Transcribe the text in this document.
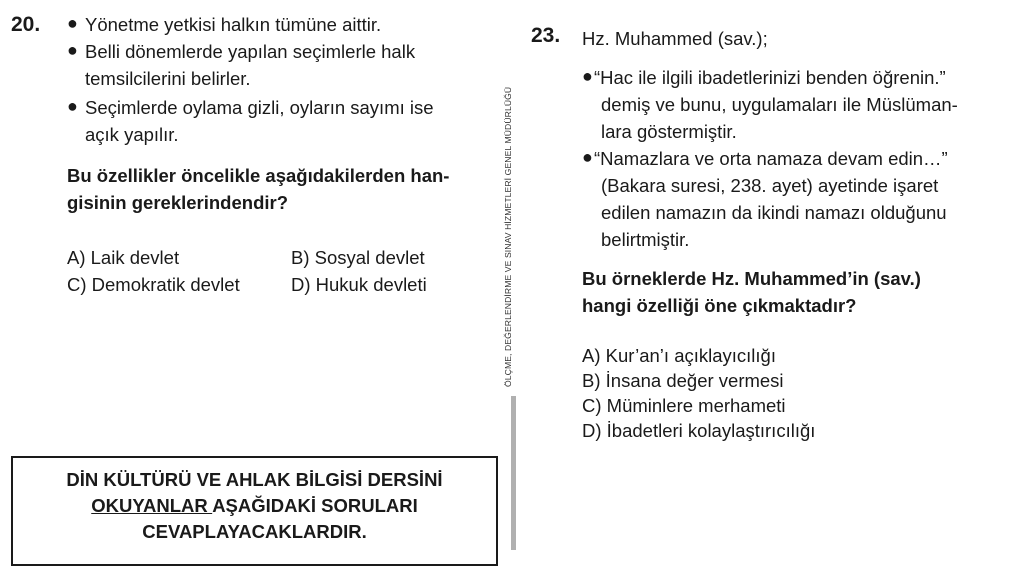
20. ● Yönetme yetkisi halkın tümüne aittir.
● Belli dönemlerde yapılan seçimlerle halk
temsilcilerini belirler.
● Seçimlerde oylama gizli, oyların sayımı ise
açık yapılır.
Bu özellikler öncelikle aşağıdakilerden han-
gisinin gereklerindendir?
A) Laik devlet	B) Sosyal devlet
C) Demokratik devlet	D) Hukuk devleti	ÖLÇME, DEĞERLENDİRME VE SINAV HİZMETLERİ GENEL MÜDÜRLÜĞÜ
DİN KÜLTÜRÜ VE AHLAK BİLGİSİ DERSİNİ
OKUYANLAR AŞAĞIDAKİ SORULARI
CEVAPLAYACAKLARDIR.
23. Hz. Muhammed (sav.);
● “Hac ile ilgili ibadetlerinizi benden öğrenin.”
demiş ve bunu, uygulamaları ile Müslüman-
lara göstermiştir.
● “Namazlara ve orta namaza devam edin…”
(Bakara suresi, 238. ayet) ayetinde işaret
edilen namazın da ikindi namazı olduğunu
belirtmiştir.
Bu örneklerde Hz. Muhammed’in (sav.)
hangi özelliği öne çıkmaktadır?
A) Kur’an’ı açıklayıcılığı
B) İnsana değer vermesi
C) Müminlere merhameti
D) İbadetleri kolaylaştırıcılığı
